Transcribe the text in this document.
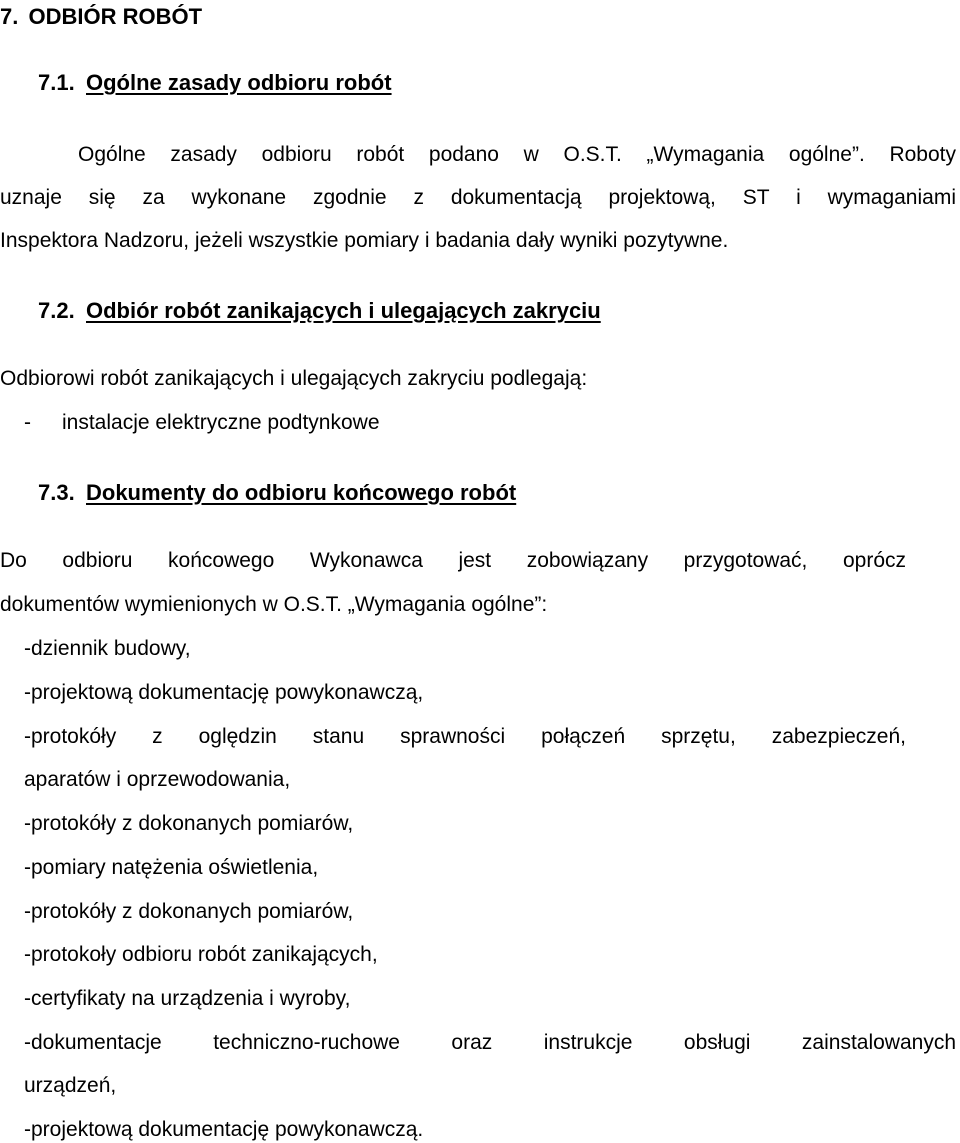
7. ODBIÓR ROBÓT
7.1. Ogólne zasady odbioru robót
Ogólne zasady odbioru robót podano w O.S.T. „Wymagania ogólne”. Roboty
uznaje się za wykonane zgodnie z dokumentacją projektową, ST i wymaganiami
Inspektora Nadzoru, jeżeli wszystkie pomiary i badania dały wyniki pozytywne.
7.2. Odbiór robót zanikających i ulegających zakryciu
Odbiorowi robót zanikających i ulegających zakryciu podlegają:
- instalacje elektryczne podtynkowe
7.3. Dokumenty do odbioru końcowego robót
Do odbioru końcowego Wykonawca jest zobowiązany przygotować, oprócz
dokumentów wymienionych w O.S.T. „Wymagania ogólne”:
-dziennik budowy,
-projektową dokumentację powykonawczą,
-protokóły z oględzin stanu sprawności połączeń sprzętu, zabezpieczeń,
aparatów i oprzewodowania,
-protokóły z dokonanych pomiarów,
-pomiary natężenia oświetlenia,
-protokóły z dokonanych pomiarów,
-protokoły odbioru robót zanikających,
-certyfikaty na urządzenia i wyroby,
-dokumentacje techniczno-ruchowe oraz instrukcje obsługi zainstalowanych
urządzeń,
-projektową dokumentację powykonawczą.
